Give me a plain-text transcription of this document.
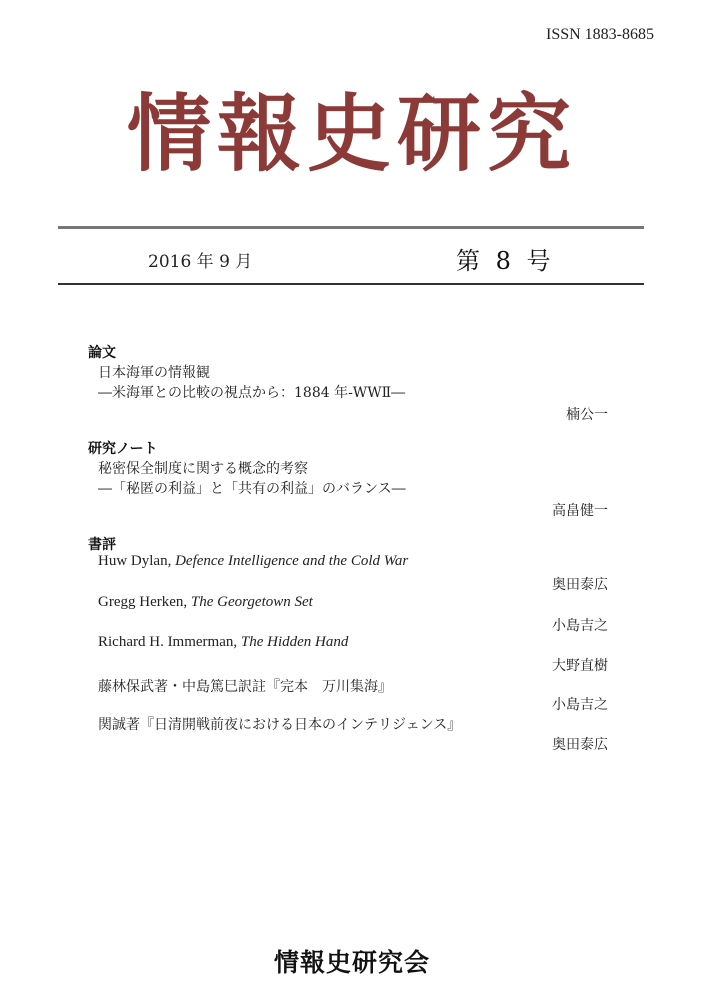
ISSN 1883-8685
情報史研究
2016 年 9 月	第 8 号
論文
日本海軍の情報観
―米海軍との比較の視点から：1884 年-WWⅡ―
楠公一
研究ノート
秘密保全制度に関する概念的考察
―「秘匿の利益」と「共有の利益」のバランス―
高畠健一
書評
Huw Dylan, Defence Intelligence and the Cold War
奥田泰広
Gregg Herken, The Georgetown Set
小島吉之
Richard H. Immerman, The Hidden Hand
大野直樹
藤林保武著・中島篤巳訳註『完本　万川集海』
小島吉之
関誠著『日清開戦前夜における日本のインテリジェンス』
奥田泰広
情報史研究会
